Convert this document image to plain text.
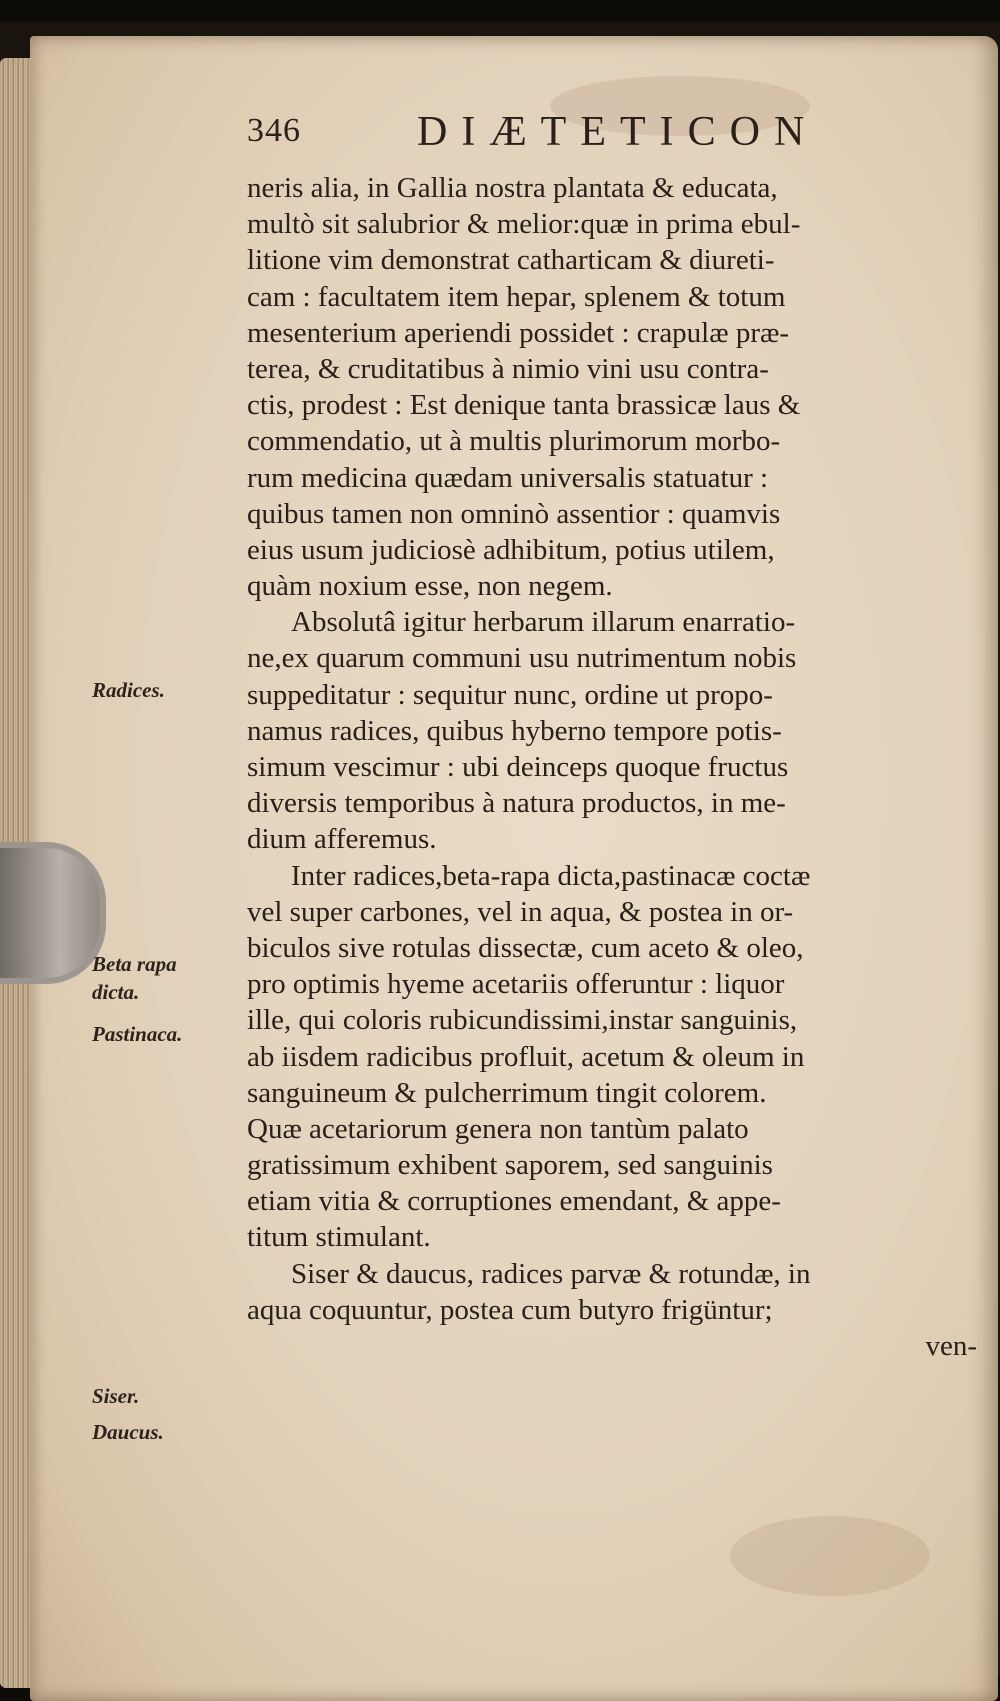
346	DIÆTETICON
Radices.
Beta rapa
dicta.
Pastinaca.
Siser.
Daucus.
neris alia, in Gallia nostra plantata & educata,
multò sit salubrior & melior:quæ in prima ebul-
litione vim demonstrat catharticam & diureti-
cam : facultatem item hepar, splenem & totum
mesenterium aperiendi possidet : crapulæ præ-
terea, & cruditatibus à nimio vini usu contra-
ctis, prodest : Est denique tanta brassicæ laus &
commendatio, ut à multis plurimorum morbo-
rum medicina quædam universalis statuatur :
quibus tamen non omninò assentior : quamvis
eius usum judiciosè adhibitum, potius utilem,
quàm noxium esse, non negem.
Absolutâ igitur herbarum illarum enarratio-
ne,ex quarum communi usu nutrimentum nobis
suppeditatur : sequitur nunc, ordine ut propo-
namus radices, quibus hyberno tempore potis-
simum vescimur : ubi deinceps quoque fructus
diversis temporibus à natura productos, in me-
dium afferemus.
Inter radices,beta-rapa dicta,pastinacæ coctæ
vel super carbones, vel in aqua, & postea in or-
biculos sive rotulas dissectæ, cum aceto & oleo,
pro optimis hyeme acetariis offeruntur : liquor
ille, qui coloris rubicundissimi,instar sanguinis,
ab iisdem radicibus profluit, acetum & oleum in
sanguineum & pulcherrimum tingit colorem.
Quæ acetariorum genera non tantùm palato
gratissimum exhibent saporem, sed sanguinis
etiam vitia & corruptiones emendant, & appe-
titum stimulant.
Siser & daucus, radices parvæ & rotundæ, in
aqua coquuntur, postea cum butyro frigüntur;
ven-
